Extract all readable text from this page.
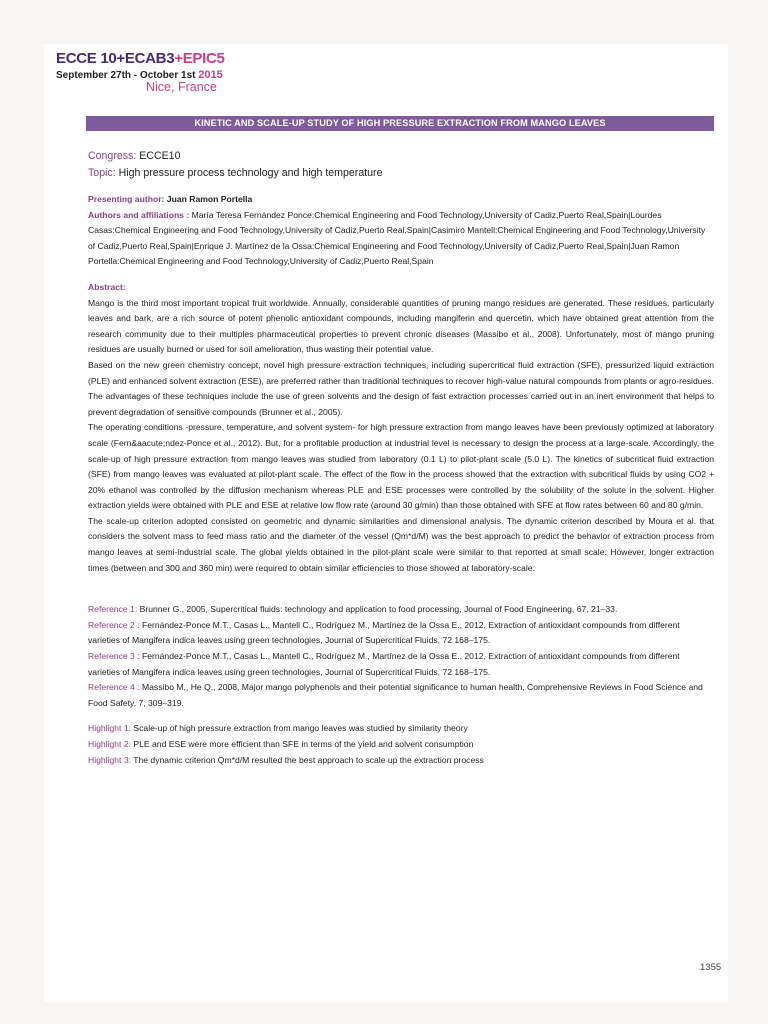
ECCE 10+ECAB3+EPIC5
September 27th - October 1st 2015
Nice, France
KINETIC AND SCALE-UP STUDY OF HIGH PRESSURE EXTRACTION FROM MANGO LEAVES

Congress: ECCE10

Topic: High pressure process technology and high temperature

Presenting author: Juan Ramon Portella

Authors and affiliations : María Teresa Fernández Ponce:Chemical Engineering and Food Technology,University of Cadiz,Puerto Real,Spain|Lourdes Casas:Chemical Engineering and Food Technology,University of Cadiz,Puerto Real,Spain|Casimiro Mantell:Chemical Engineering and Food Technology,University of Cadiz,Puerto Real,Spain|Enrique J. Martínez de la Ossa:Chemical Engineering and Food Technology,University of Cadiz,Puerto Real,Spain|Juan Ramon Portella:Chemical Engineering and Food Technology,University of Cadiz,Puerto Real,Spain

Abstract:

Mango is the third most important tropical fruit worldwide. Annually, considerable quantities of pruning mango residues are generated. These residues, particularly leaves and bark, are a rich source of potent phenolic antioxidant compounds, including mangiferin and quercetin, which have obtained great attention from the research community due to their multiples pharmaceutical properties to prevent chronic diseases (Massibo et al., 2008). Unfortunately, most of mango pruning residues are usually burned or used for soil amelioration, thus wasting their potential value.

Based on the new green chemistry concept, novel high pressure extraction techniques, including supercritical fluid extraction (SFE), pressurized liquid extraction (PLE) and enhanced solvent extraction (ESE), are preferred rather than traditional techniques to recover high-value natural compounds from plants or agro-residues. The advantages of these techniques include the use of green solvents and the design of fast extraction processes carried out in an inert environment that helps to prevent degradation of sensitive compounds (Brunner et al., 2005).

The operating conditions -pressure, temperature, and solvent system- for high pressure extraction from mango leaves have been previously optimized at laboratory scale (Fern&aacute;ndez-Ponce et al., 2012). But, for a profitable production at industrial level is necessary to design the process at a large-scale. Accordingly, the scale-up of high pressure extraction from mango leaves was studied from laboratory (0.1 L) to pilot-plant scale (5.0 L). The kinetics of subcritical fluid extraction (SFE) from mango leaves was evaluated at pilot-plant scale. The effect of the flow in the process showed that the extraction with subcritical fluids by using CO2 + 20% ethanol was controlled by the diffusion mechanism whereas PLE and ESE processes were controlled by the solubility of the solute in the solvent. Higher extraction yields were obtained with PLE and ESE at relative low flow rate (around 30 g/min) than those obtained with SFE at flow rates between 60 and 80 g/min.

The scale-up criterion adopted consisted on geometric and dynamic similarities and dimensional analysis. The dynamic criterion described by Moura et al. that considers the solvent mass to feed mass ratio and the diameter of the vessel (Qm*d/M) was the best approach to predict the behavior of extraction process from mango leaves at semi-industrial scale. The global yields obtained in the pilot-plant scale were similar to that reported at small scale. However, longer extraction times (between and 300 and 360 min) were required to obtain similar efficiencies to those showed at laboratory-scale.

Reference 1: Brunner G., 2005, Supercritical fluids: technology and application to food processing, Journal of Food Engineering, 67, 21–33.

Reference 2 : Fernández-Ponce M.T., Casas L., Mantell C., Rodríguez M., Martínez de la Ossa E., 2012, Extraction of antioxidant compounds from different varieties of Mangifera indica leaves using green technologies, Journal of Supercritical Fluids, 72 168–175.

Reference 3 : Fernández-Ponce M.T., Casas L., Mantell C., Rodríguez M., Martínez de la Ossa E., 2012, Extraction of antioxidant compounds from different varieties of Mangifera indica leaves using green technologies, Journal of Supercritical Fluids, 72 168–175.

Reference 4 : Massibo M., He Q., 2008, Major mango polyphenols and their potential significance to human health, Comprehensive Reviews in Food Science and Food Safety, 7, 309–319.

Highlight 1: Scale-up of high pressure extraction from mango leaves was studied by similarity theory

Highlight 2: PLE and ESE were more efficient than SFE in terms of the yield and solvent consumption

Highlight 3: The dynamic criterion Qm*d/M resulted the best approach to scale up the extraction process

1355
